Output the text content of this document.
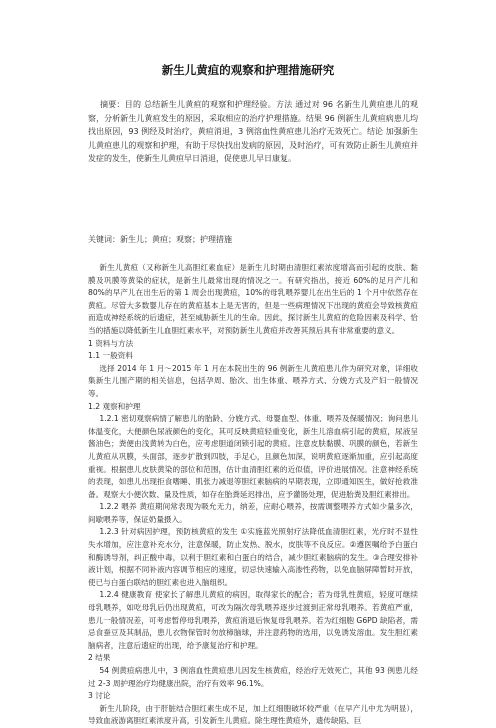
新生儿黄疸的观察和护理措施研究

摘要：目的 总结新生儿黄疸的观察和护理经验。方法 通过对 96 名新生儿黄疸患儿的观察，分析新生儿黄疸发生的原因，采取相应的治疗护理措施。结果 96 例新生儿黄疸病患儿均找出原因，93 例经及时治疗，黄疸消退，3 例溶血性黄疸患儿治疗无效死亡。结论 加强新生儿黄疸患儿的观察和护理，有助于尽快找出发病的原因，及时治疗，可有效防止新生儿黄疸并发症的发生，使新生儿黄疸早日消退，促使患儿早日康复。

关键词：新生儿；黄疸；观察；护理措施

新生儿黄疸（又称新生儿高胆红素血症）是新生儿时期由清胆红素浓度增高而引起的皮肤、黏膜及巩膜等黄染的症状，是新生儿最常出现的情况之一。有研究指出，接近 60%的足月产儿和 80%的早产儿在出生后的第 1 周会出现黄疸，10%的母乳喂养婴儿在出生后的 1 个月中依然存在黄疸。尽管大多数婴儿存在的黄疸基本上是无害的，但是一些病理情况下出现的黄疸会导致核黄疸而造成神经系统的后遗症，甚至威胁新生儿的生命。因此，探讨新生儿黄疸的危险因素及科学、恰当的措施以降低新生儿血胆红素水平，对预防新生儿黄疸并改善其预后具有非常重要的意义。

1 资料与方法

1.1 一般资料

选择 2014 年 1 月～2015 年 1 月在本院出生的 96 例新生儿黄疸患儿作为研究对象，详细收集新生儿围产期的相关信息，包括孕周、胎次、出生体重、喂养方式、分娩方式及产妇一般情况等。

1.2 观察和护理

1.2.1 密切观察病情了解患儿的胎龄、分娩方式、母婴血型、体重、喂养及保暖情况；询问患儿体温变化，大便颜色尿液颜色的变化，其可反映黄疸轻重变化，新生儿溶血病引起的黄疸，尿液呈酱油色；粪便由浅黄转为白色，应考虑胆道闭锁引起的黄疸。注意皮肤黏膜、巩膜的颜色，若新生儿黄疸从巩膜，头面部，逐步扩散到四肢，手足心，且颜色加深，说明黄疸逐渐加重，应引起高度重视。根据患儿皮肤黄染的部位和范围，估计血清胆红素的近似值，评价进展情况。注意神经系统的表现，如患儿出现拒食嗜睡、肌张力减退等胆红素脑病的早期表现，立即通知医生，做好抢救准备。观察大小便次数、量及性质，如存在胎粪延迟排出，应予灌肠处理，促进胎粪及胆红素排出。

1.2.2 喂养 黄疸期间常表现为吸允无力，纳差，应耐心喂养，按需调整喂养方式如少量多次，间歇喂养等，保证奶量摄入。

1.2.3 针对病因护理，预防核黄疸的发生 ①实施蓝光照射疗法降低血清胆红素，光疗时不显性失水增加，应注意补充水分，注意保暖，防止发热、脱水，皮肤等不良反应。②遵医嘱给予白蛋白和酶诱导剂，纠正酸中毒，以利于胆红素和白蛋白的结合，减少胆红素脑病的发生。③合理安排补液计划，根据不同补液内容调节相应的速度，切忌快速输入高渗性药物，以免血脑屏障暂时开放，使已与白蛋白联结的胆红素也进入脑组织。

1.2.4 健康教育 使家长了解患儿黄疸的病因，取得家长的配合；若为母乳性黄疸，轻度可继续母乳喂养，如吃母乳后仍出现黄疸，可改为隔次母乳喂养逐步过渡到正常母乳喂养。若黄疸严重，患儿一般情况差，可考虑暂停母乳喂养，黄疸消退后恢复母乳喂养。若为红细胞 G6PD 缺陷者，需忌食蚕豆及其制品，患儿衣物保管时勿放樟脑球，并注意药物的选用，以免诱发溶血。发生胆红素脑病者，注意后遗症的出现，给予康复治疗和护理。

2 结果

54 例黄疸病患儿中，3 例溶血性黄疸患儿因发生核黄疸，经治疗无效死亡，其他 93 例患儿经过 2-3 周护理治疗均健康出院，治疗有效率 96.1%。

3 讨论

新生儿阶段，由于肝脏结合胆红素生成不足，加上红细胞破坏较严重（在早产儿中尤为明显），导致血液游离胆红素浓度升高，引发新生儿黄疸。除生理性黄疸外，遗传缺陷、巨
